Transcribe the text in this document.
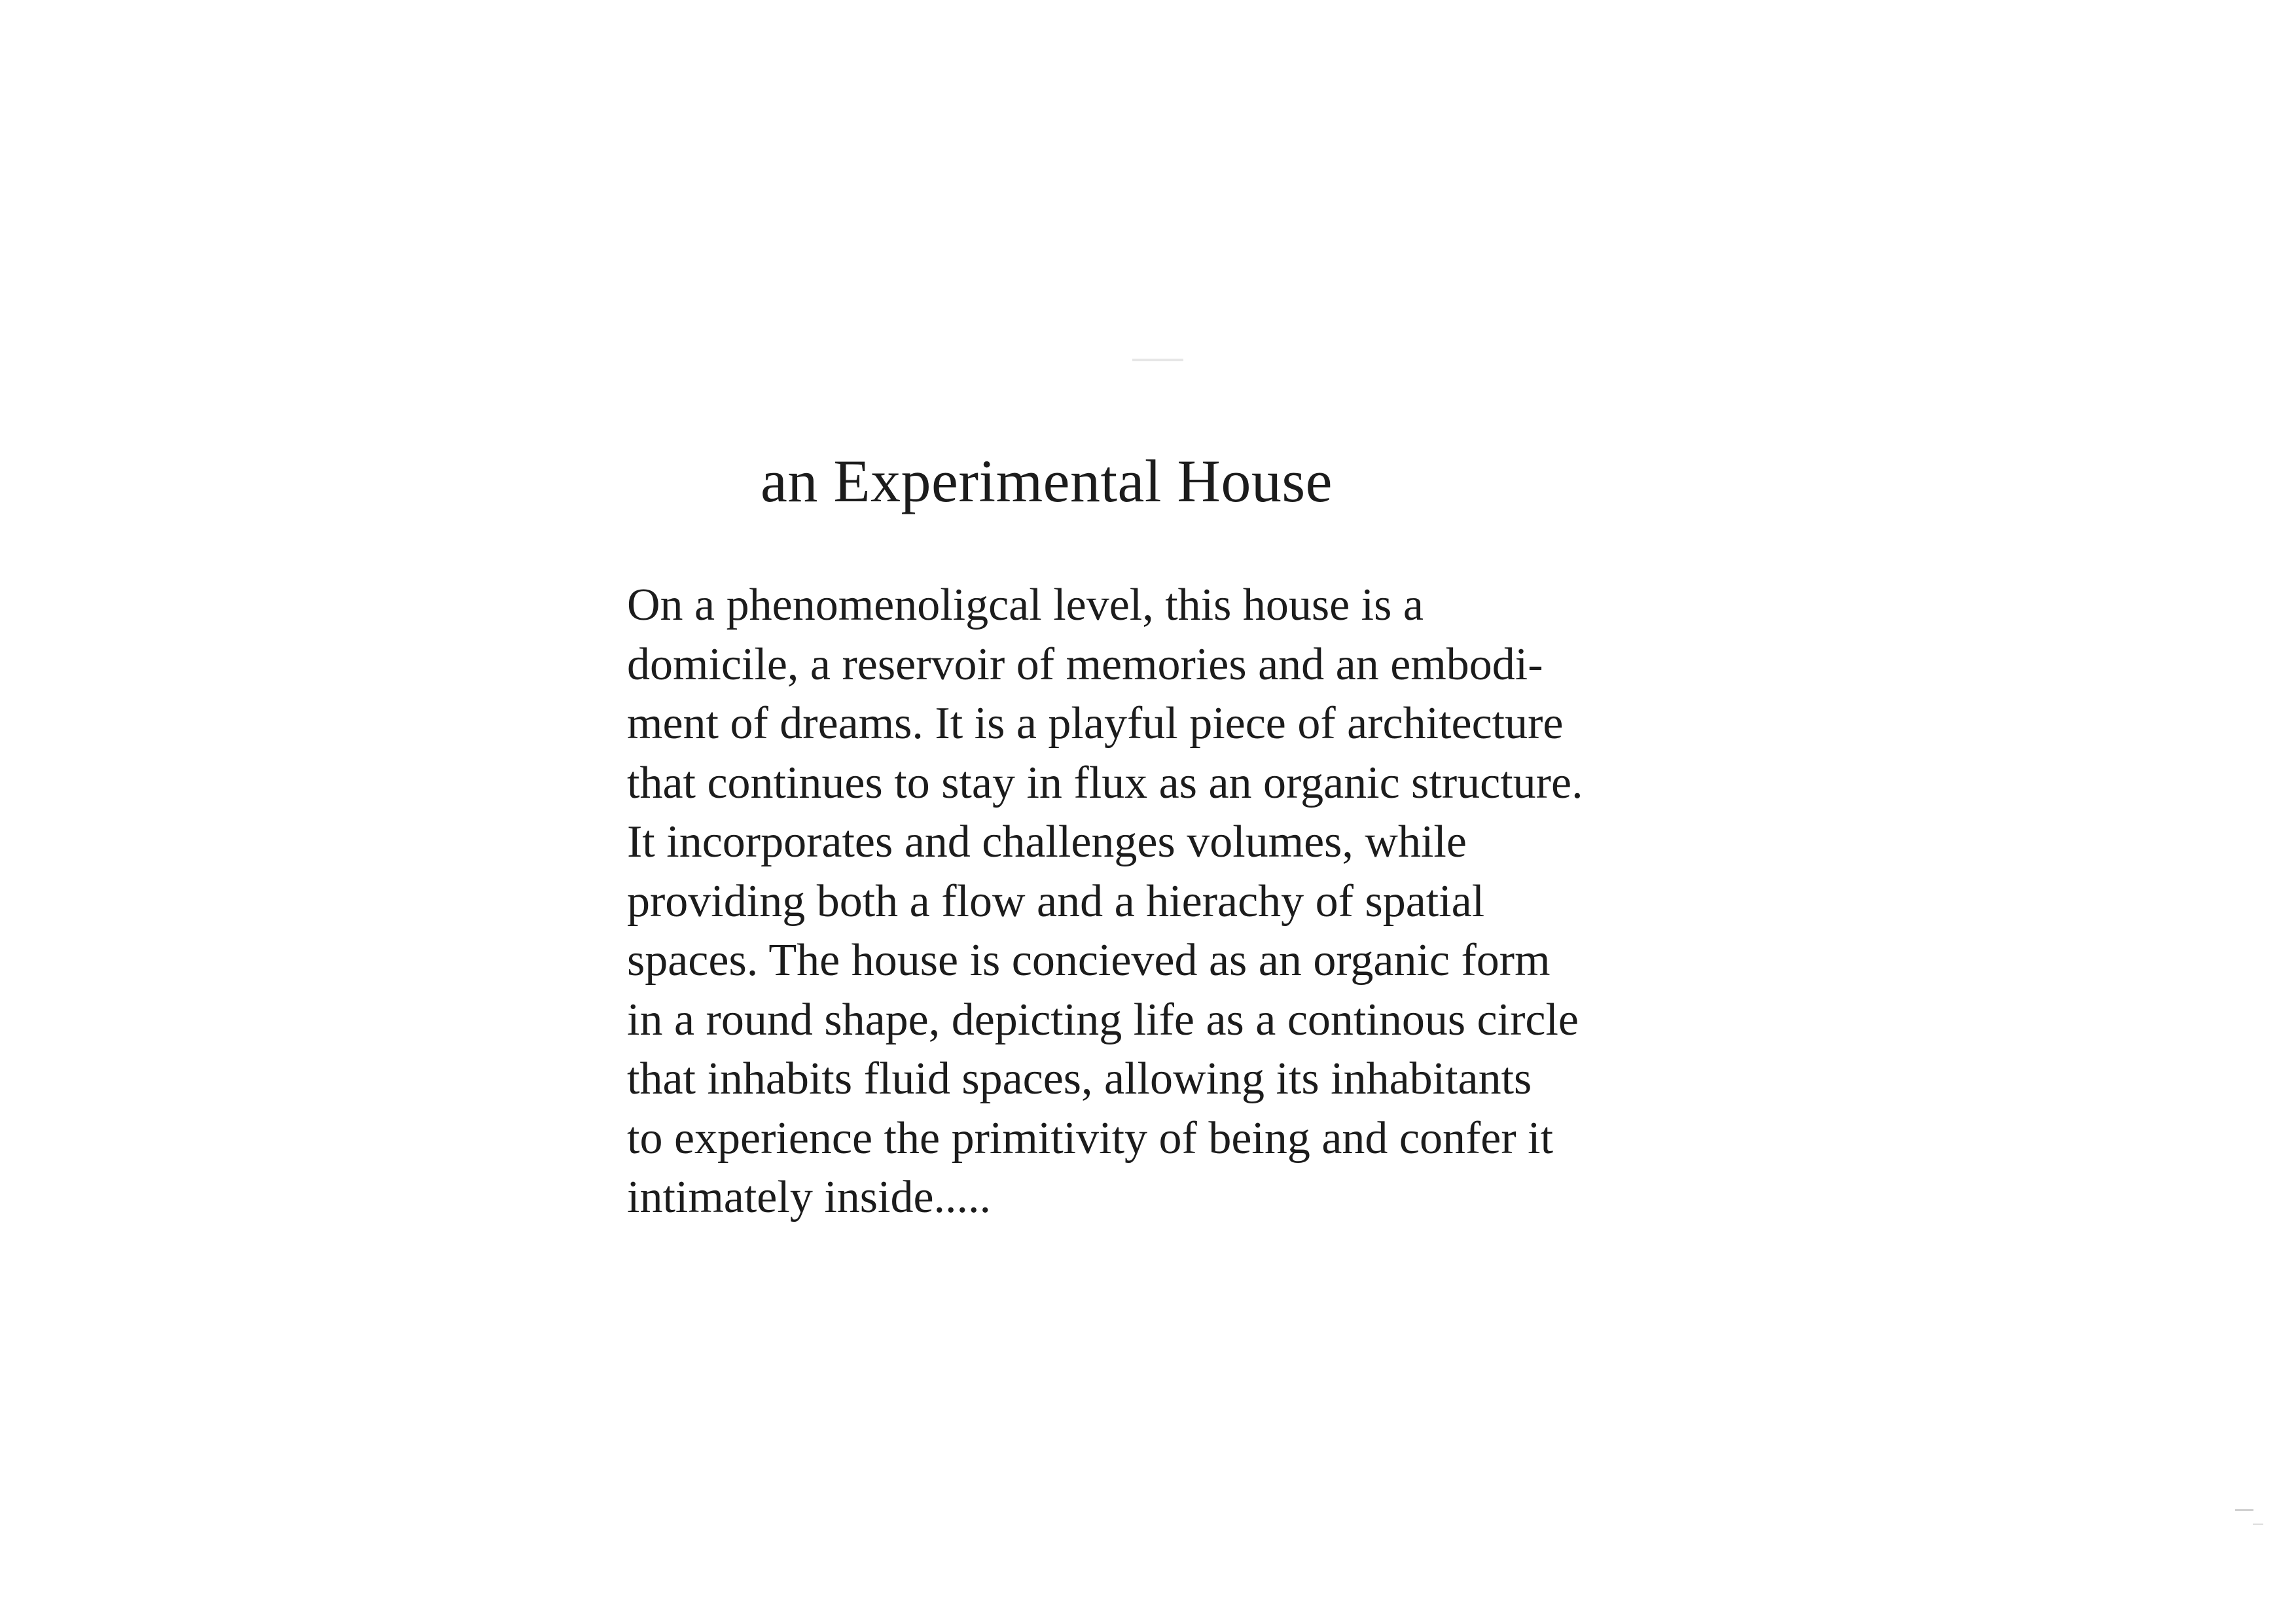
an Experimental House
On a phenomenoligcal level, this house is a
domicile, a reservoir of memories and an embodi-
ment of dreams. It is a playful piece of architecture
that continues to stay in flux as an organic structure.
It incorporates and challenges volumes, while
providing both a flow and a hierachy of spatial
spaces. The house is concieved as an organic form
in a round shape, depicting life as a continous circle
that inhabits fluid spaces, allowing its inhabitants
to experience the primitivity of being and confer it
intimately inside.....
